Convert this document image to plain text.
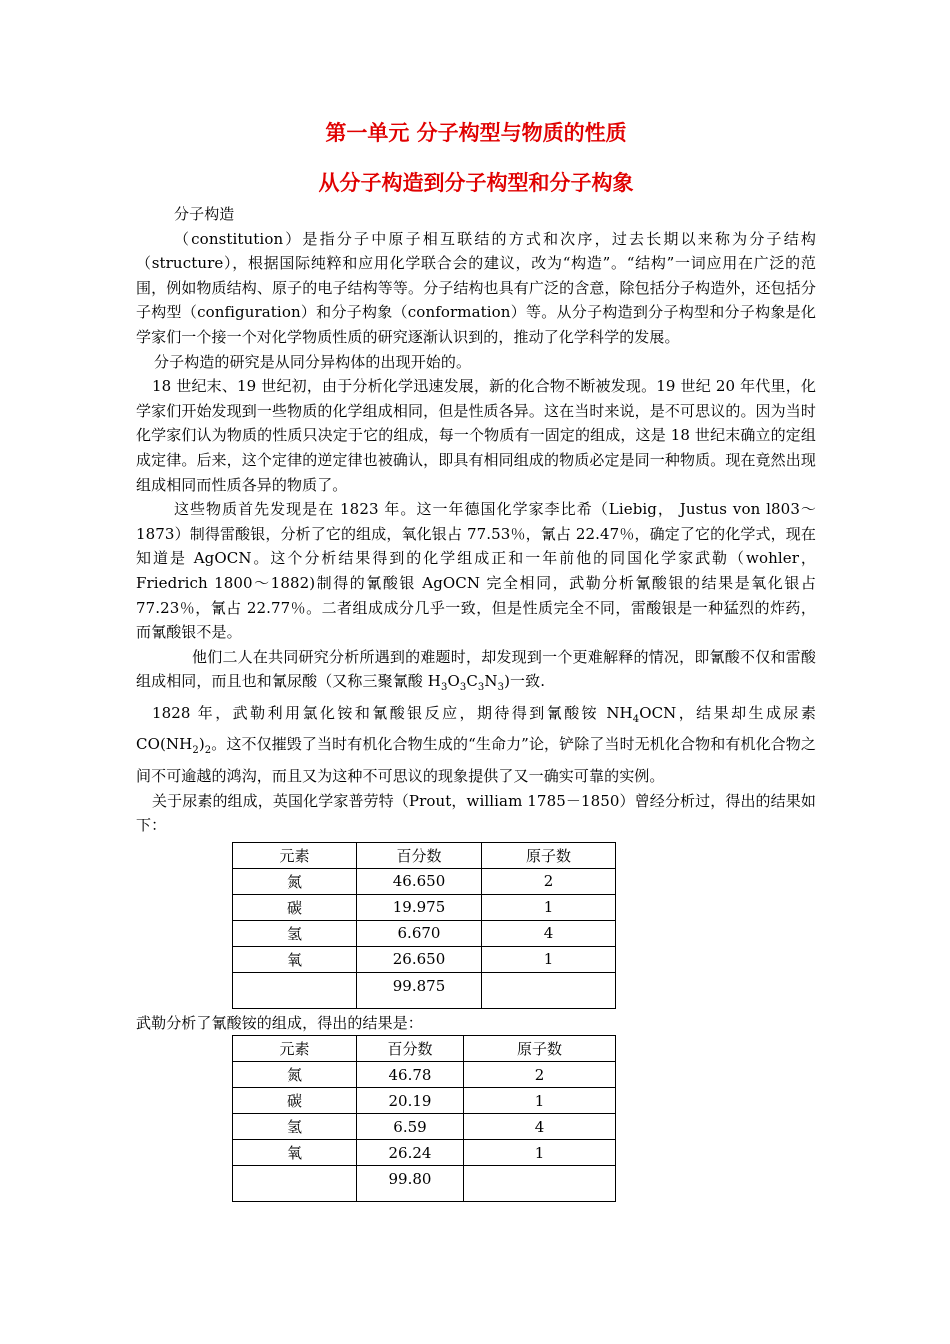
第一单元 分子构型与物质的性质
从分子构造到分子构型和分子构象

分子构造

（constitution）是指分子中原子相互联结的方式和次序，过去长期以来称为分子结构（structure），根据国际纯粹和应用化学联合会的建议，改为“构造”。“结构”一词应用在广泛的范围，例如物质结构、原子的电子结构等等。分子结构也具有广泛的含意，除包括分子构造外，还包括分子构型（configuration）和分子构象（conformation）等。从分子构造到分子构型和分子构象是化学家们一个接一个对化学物质性质的研究逐渐认识到的，推动了化学科学的发展。

分子构造的研究是从同分异构体的出现开始的。

18 世纪末、19 世纪初，由于分析化学迅速发展，新的化合物不断被发现。19 世纪 20 年代里，化学家们开始发现到一些物质的化学组成相同，但是性质各异。这在当时来说，是不可思议的。因为当时化学家们认为物质的性质只决定于它的组成，每一个物质有一固定的组成，这是 18 世纪末确立的定组成定律。后来，这个定律的逆定律也被确认，即具有相同组成的物质必定是同一种物质。现在竟然出现组成相同而性质各异的物质了。

这些物质首先发现是在 1823 年。这一年德国化学家李比希（Liebig， Justus von l803～1873）制得雷酸银，分析了它的组成，氧化银占 77.53％，氰占 22.47％，确定了它的化学式，现在知道是 AgOCN。这个分析结果得到的化学组成正和一年前他的同国化学家武勒（wohler， Friedrich 1800～1882)制得的氰酸银 AgOCN 完全相同，武勒分析氰酸银的结果是氧化银占 77.23％，氰占 22.77％。二者组成成分几乎一致，但是性质完全不同，雷酸银是一种猛烈的炸药，而氰酸银不是。

他们二人在共同研究分析所遇到的难题时，却发现到一个更难解释的情况，即氰酸不仅和雷酸组成相同，而且也和氰尿酸（又称三聚氰酸 $H_3O_3C_3N_3$)一致.

1828 年，武勒利用氯化铵和氰酸银反应，期待得到氰酸铵 $NH_4OCN$，结果却生成尿素 $CO(NH_2)_2$。这不仅摧毁了当时有机化合物生成的“生命力”论，铲除了当时无机化合物和有机化合物之间不可逾越的鸿沟，而且又为这种不可思议的现象提供了又一确实可靠的实例。

关于尿素的组成，英国化学家普劳特（Prout，william 1785－1850）曾经分析过，得出的结果如下：

元素	百分数	原子数
氮	46.650	2
碳	19.975	1
氢	6.670	4
氧	26.650	1
	99.875	

武勒分析了氰酸铵的组成，得出的结果是：

元素	百分数	原子数
氮	46.78	2
碳	20.19	1
氢	6.59	4
氧	26.24	1
	99.80	
